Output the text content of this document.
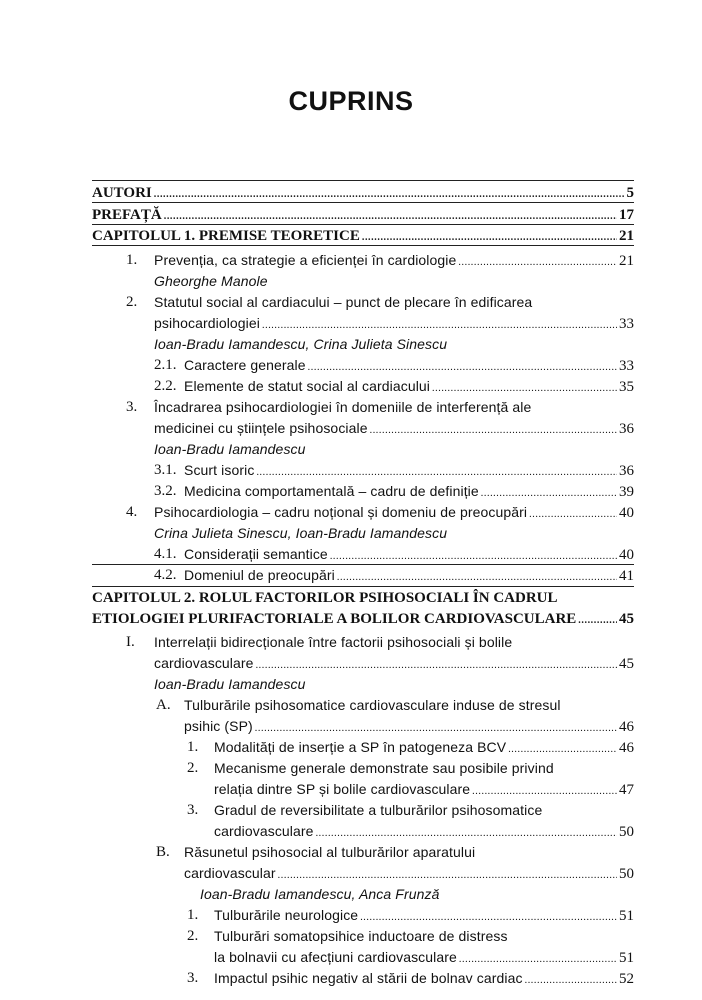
CUPRINS
AUTORI .....	5
PREFAȚĂ .....	17
CAPITOLUL 1. PREMISE TEORETICE .....	21
1. Prevenția, ca strategie a eficienței în cardiologie .....	21
Gheorghe Manole
2. Statutul social al cardiacului – punct de plecare în edificarea
psihocardiologiei .....	33
Ioan-Bradu Iamandescu, Crina Julieta Sinescu
2.1. Caractere generale .....	33
2.2. Elemente de statut social al cardiacului .....	35
3. Încadrarea psihocardiologiei în domeniile de interferență ale
medicinei cu științele psihosociale .....	36
Ioan-Bradu Iamandescu
3.1. Scurt isoric .....	36
3.2. Medicina comportamentală – cadru de definiție .....	39
4. Psihocardiologia – cadru noțional și domeniu de preocupări .....	40
Crina Julieta Sinescu, Ioan-Bradu Iamandescu
4.1. Considerații semantice .....	40
4.2. Domeniul de preocupări .....	41
CAPITOLUL 2. ROLUL FACTORILOR PSIHOSOCIALI ÎN CADRUL
ETIOLOGIEI PLURIFACTORIALE A BOLILOR CARDIOVASCULARE .....	45
I. Interrelații bidirecționale între factorii psihosociali și bolile
cardiovasculare .....	45
Ioan-Bradu Iamandescu
A. Tulburările psihosomatice cardiovasculare induse de stresul
psihic (SP) .....	46
1. Modalități de inserție a SP în patogeneza BCV .....	46
2. Mecanisme generale demonstrate sau posibile privind
relația dintre SP și bolile cardiovasculare .....	47
3. Gradul de reversibilitate a tulburărilor psihosomatice
cardiovasculare .....	50
B. Răsunetul psihosocial al tulburărilor aparatului
cardiovascular .....	50
Ioan-Bradu Iamandescu, Anca Frunză
1. Tulburările neurologice .....	51
2. Tulburări somatopsihice inductoare de distress
la bolnavii cu afecțiuni cardiovasculare .....	51
3. Impactul psihic negativ al stării de bolnav cardiac .....	52
